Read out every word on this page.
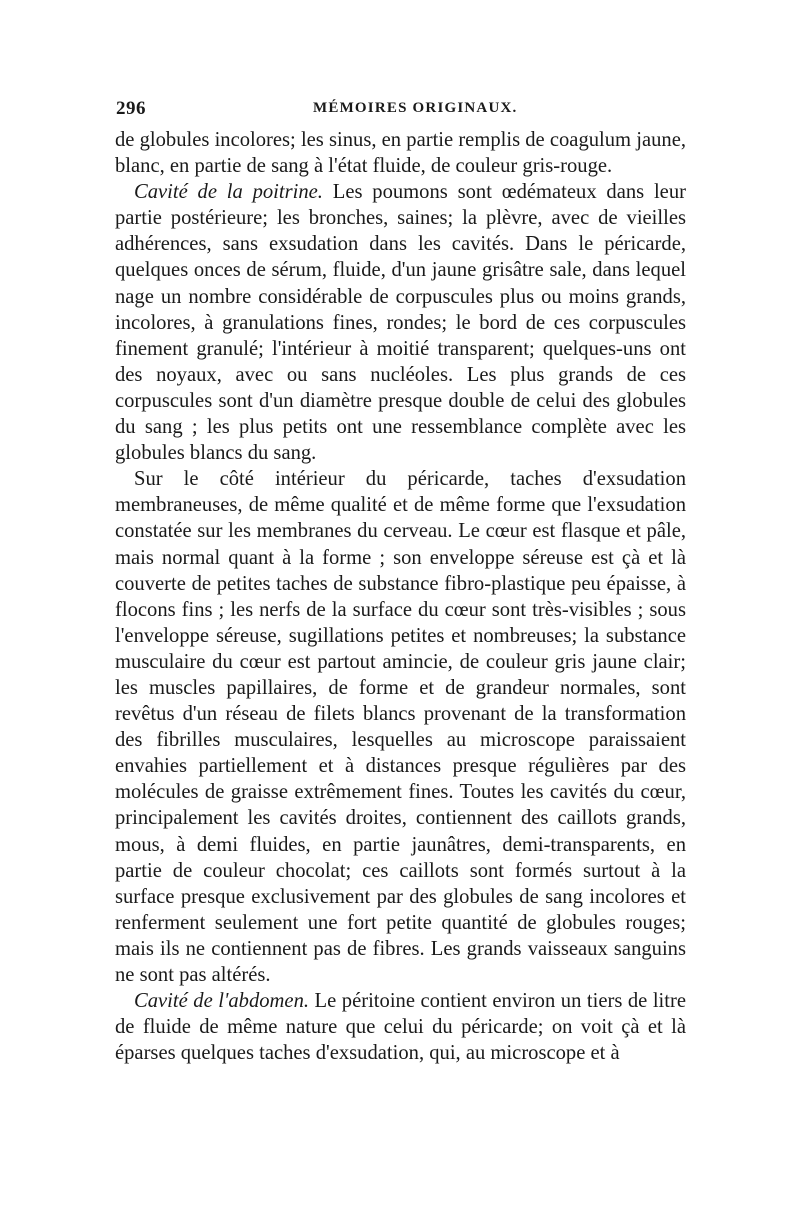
296	MÉMOIRES ORIGINAUX.

de globules incolores; les sinus, en partie remplis de coagulum jaune, blanc, en partie de sang à l'état fluide, de couleur gris-rouge.

Cavité de la poitrine. Les poumons sont œdémateux dans leur partie postérieure; les bronches, saines; la plèvre, avec de vieilles adhérences, sans exsudation dans les cavités. Dans le péricarde, quelques onces de sérum, fluide, d'un jaune grisâtre sale, dans lequel nage un nombre considérable de corpuscules plus ou moins grands, incolores, à granulations fines, rondes; le bord de ces corpuscules finement granulé; l'intérieur à moitié transparent; quelques-uns ont des noyaux, avec ou sans nucléoles. Les plus grands de ces corpuscules sont d'un diamètre presque double de celui des globules du sang ; les plus petits ont une ressemblance complète avec les globules blancs du sang.

Sur le côté intérieur du péricarde, taches d'exsudation membraneuses, de même qualité et de même forme que l'exsudation constatée sur les membranes du cerveau. Le cœur est flasque et pâle, mais normal quant à la forme ; son enveloppe séreuse est çà et là couverte de petites taches de substance fibro-plastique peu épaisse, à flocons fins ; les nerfs de la surface du cœur sont très-visibles ; sous l'enveloppe séreuse, sugillations petites et nombreuses; la substance musculaire du cœur est partout amincie, de couleur gris jaune clair; les muscles papillaires, de forme et de grandeur normales, sont revêtus d'un réseau de filets blancs provenant de la transformation des fibrilles musculaires, lesquelles au microscope paraissaient envahies partiellement et à distances presque régulières par des molécules de graisse extrêmement fines. Toutes les cavités du cœur, principalement les cavités droites, contiennent des caillots grands, mous, à demi fluides, en partie jaunâtres, demi-transparents, en partie de couleur chocolat; ces caillots sont formés surtout à la surface presque exclusivement par des globules de sang incolores et renferment seulement une fort petite quantité de globules rouges; mais ils ne contiennent pas de fibres. Les grands vaisseaux sanguins ne sont pas altérés.

Cavité de l'abdomen. Le péritoine contient environ un tiers de litre de fluide de même nature que celui du péricarde; on voit çà et là éparses quelques taches d'exsudation, qui, au microscope et à
